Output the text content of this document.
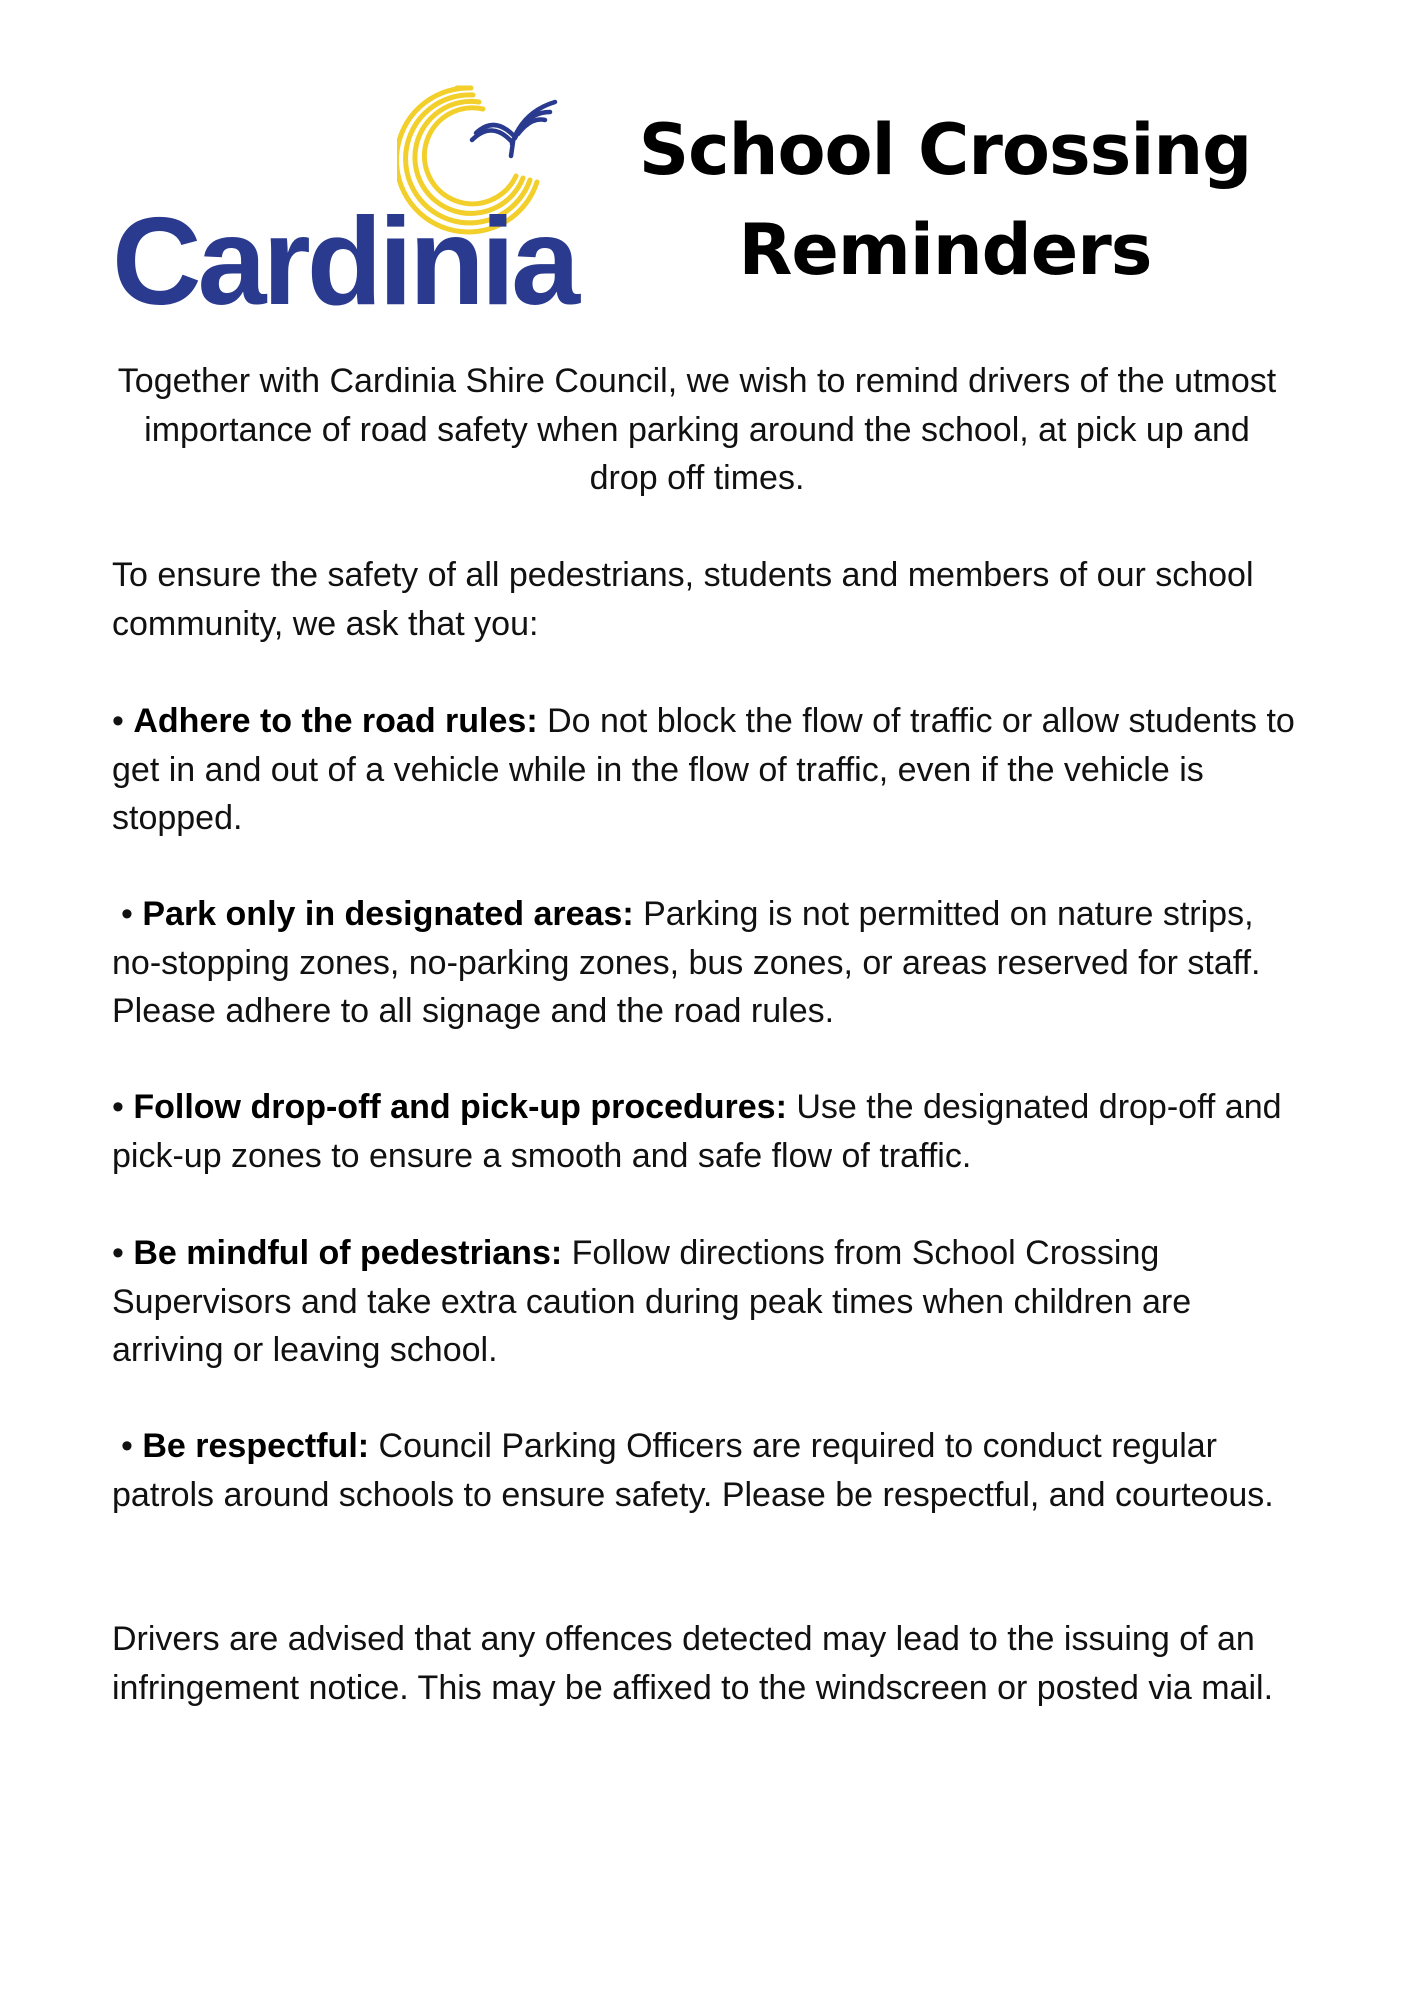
Cardinia
School Crossing
Reminders
Together with Cardinia Shire Council, we wish to remind drivers of the utmost importance of road safety when parking around the school, at pick up and drop off times.
To ensure the safety of all pedestrians, students and members of our school community, we ask that you:
• Adhere to the road rules: Do not block the flow of traffic or allow students to get in and out of a vehicle while in the flow of traffic, even if the vehicle is stopped.
• Park only in designated areas: Parking is not permitted on nature strips, no-stopping zones, no-parking zones, bus zones, or areas reserved for staff. Please adhere to all signage and the road rules.
• Follow drop-off and pick-up procedures: Use the designated drop-off and pick-up zones to ensure a smooth and safe flow of traffic.
• Be mindful of pedestrians: Follow directions from School Crossing Supervisors and take extra caution during peak times when children are arriving or leaving school.
• Be respectful: Council Parking Officers are required to conduct regular patrols around schools to ensure safety. Please be respectful, and courteous.
Drivers are advised that any offences detected may lead to the issuing of an infringement notice. This may be affixed to the windscreen or posted via mail.
